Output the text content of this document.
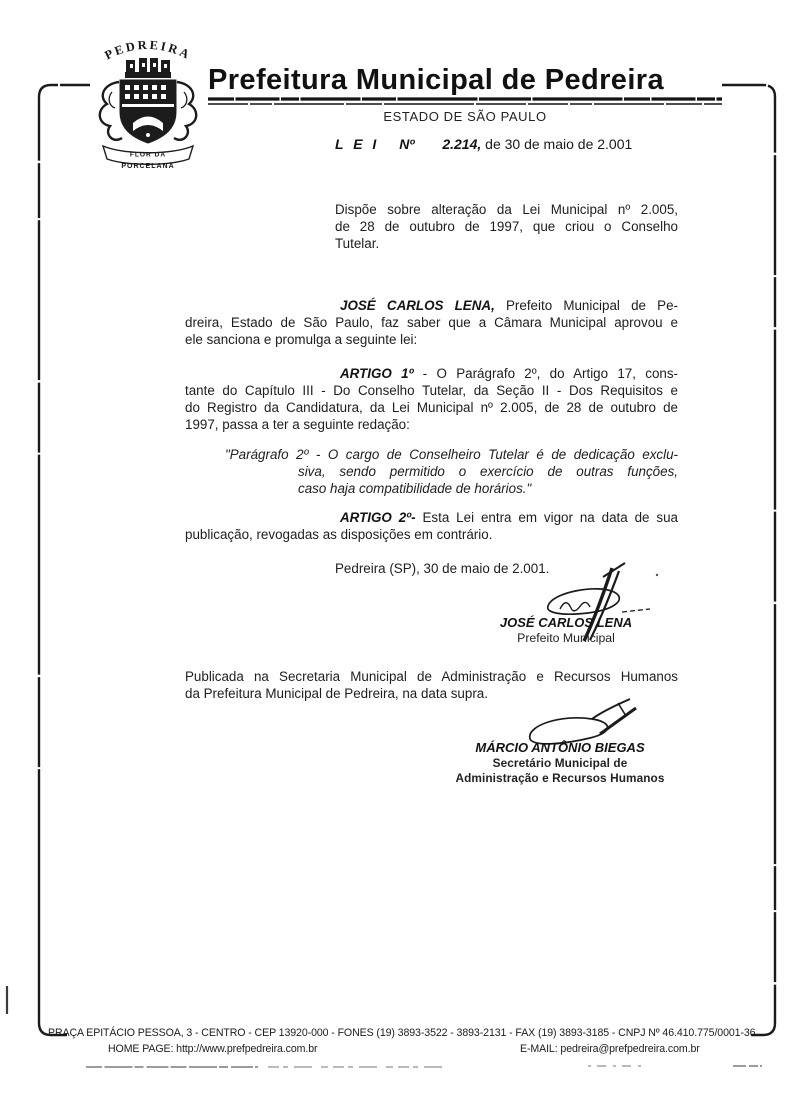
PEDREIRA
FLOR DA
PORCELANA
Prefeitura Municipal de Pedreira
ESTADO DE SÃO PAULO
L E I Nº 2.214, de 30 de maio de 2.001
Dispõe sobre alteração da Lei Municipal nº 2.005,
de 28 de outubro de 1997, que criou o Conselho
Tutelar.
JOSÉ CARLOS LENA, Prefeito Municipal de Pe-
dreira, Estado de São Paulo, faz saber que a Câmara Municipal aprovou e
ele sanciona e promulga a seguinte lei:
ARTIGO 1º - O Parágrafo 2º, do Artigo 17, cons-
tante do Capítulo III - Do Conselho Tutelar, da Seção II - Dos Requisitos e
do Registro da Candidatura, da Lei Municipal nº 2.005, de 28 de outubro de
1997, passa a ter a seguinte redação:
"Parágrafo 2º - O cargo de Conselheiro Tutelar é de dedicação exclu-
siva, sendo permitido o exercício de outras funções,
caso haja compatibilidade de horários."
ARTIGO 2º- Esta Lei entra em vigor na data de sua
publicação, revogadas as disposições em contrário.
Pedreira (SP), 30 de maio de 2.001.
JOSÉ CARLOS LENA
Prefeito Municipal
Publicada na Secretaria Municipal de Administração e Recursos Humanos
da Prefeitura Municipal de Pedreira, na data supra.
MÁRCIO ANTÔNIO BIEGAS
Secretário Municipal de
Administração e Recursos Humanos
PRAÇA EPITÁCIO PESSOA, 3 - CENTRO - CEP 13920-000 - FONES (19) 3893-3522 - 3893-2131 - FAX (19) 3893-3185 - CNPJ Nº 46.410.775/0001-36
HOME PAGE: http://www.prefpedreira.com.br	E-MAIL: pedreira@prefpedreira.com.br
